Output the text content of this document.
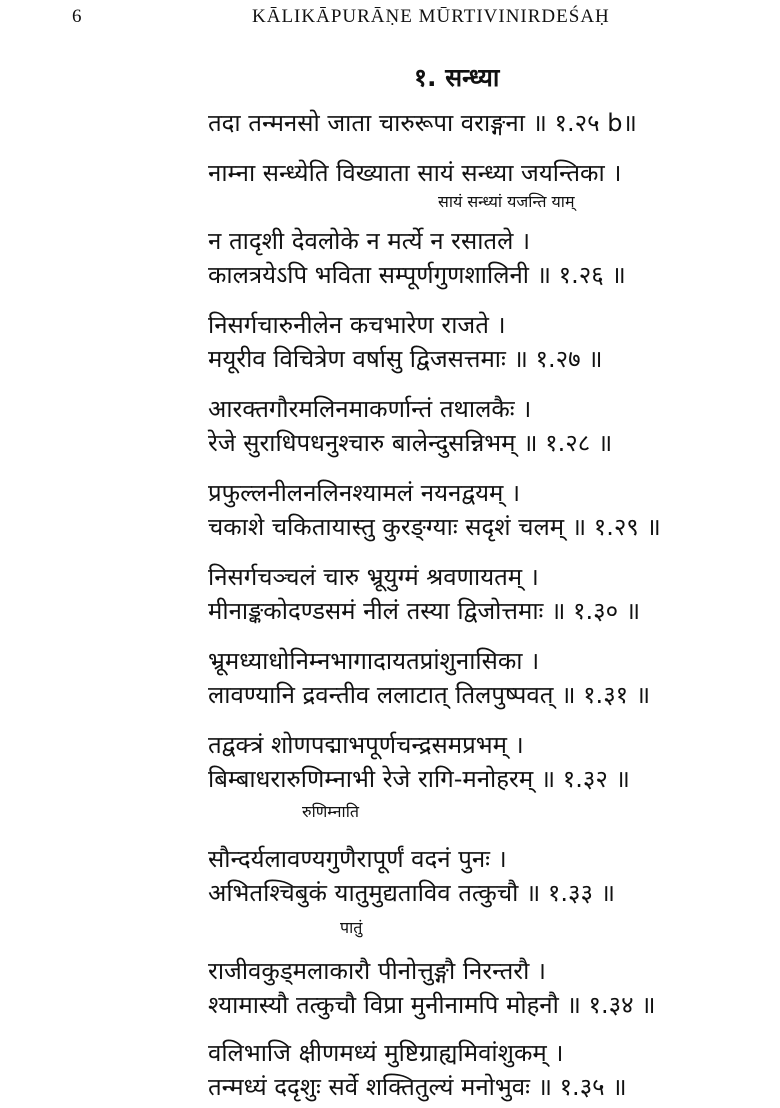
6	KĀLIKĀPURĀṆE MŪRTIVINIRDEŚAḤ
१. सन्ध्या
तदा तन्मनसो जाता चारुरूपा वराङ्गना ॥ १.२५ b॥
नाम्ना सन्ध्येति विख्याता सायं सन्ध्या जयन्तिका ।
सायं सन्ध्यां यजन्ति याम्
न तादृशी देवलोके न मर्त्ये न रसातले ।
कालत्रयेऽपि भविता सम्पूर्णगुणशालिनी ॥ १.२६ ॥
निसर्गचारुनीलेन कचभारेण राजते ।
मयूरीव विचित्रेण वर्षासु द्विजसत्तमाः ॥ १.२७ ॥
आरक्तगौरमलिनमाकर्णान्तं तथालकैः ।
रेजे सुराधिपधनुश्चारु बालेन्दुसन्निभम् ॥ १.२८ ॥
प्रफुल्लनीलनलिनश्यामलं नयनद्वयम् ।
चकाशे चकितायास्तु कुरङ्ग्याः सदृशं चलम् ॥ १.२९ ॥
निसर्गचञ्चलं चारु भ्रूयुग्मं श्रवणायतम् ।
मीनाङ्ककोदण्डसमं नीलं तस्या द्विजोत्तमाः ॥ १.३० ॥
भ्रूमध्याधोनिम्नभागादायतप्रांशुनासिका ।
लावण्यानि द्रवन्तीव ललाटात् तिलपुष्पवत् ॥ १.३१ ॥
तद्वक्त्रं शोणपद्माभपूर्णचन्द्रसमप्रभम् ।
बिम्बाधरारुणिम्नाभी रेजे रागि-मनोहरम् ॥ १.३२ ॥
रुणिम्नाति
सौन्दर्यलावण्यगुणैरापूर्णं वदनं पुनः ।
अभितश्चिबुकं यातुमुद्यताविव तत्कुचौ ॥ १.३३ ॥
पातुं
राजीवकुड्मलाकारौ पीनोत्तुङ्गौ निरन्तरौ ।
श्यामास्यौ तत्कुचौ विप्रा मुनीनामपि मोहनौ ॥ १.३४ ॥
वलिभाजि क्षीणमध्यं मुष्टिग्राह्यमिवांशुकम् ।
तन्मध्यं ददृशुः सर्वे शक्तितुल्यं मनोभुवः ॥ १.३५ ॥
